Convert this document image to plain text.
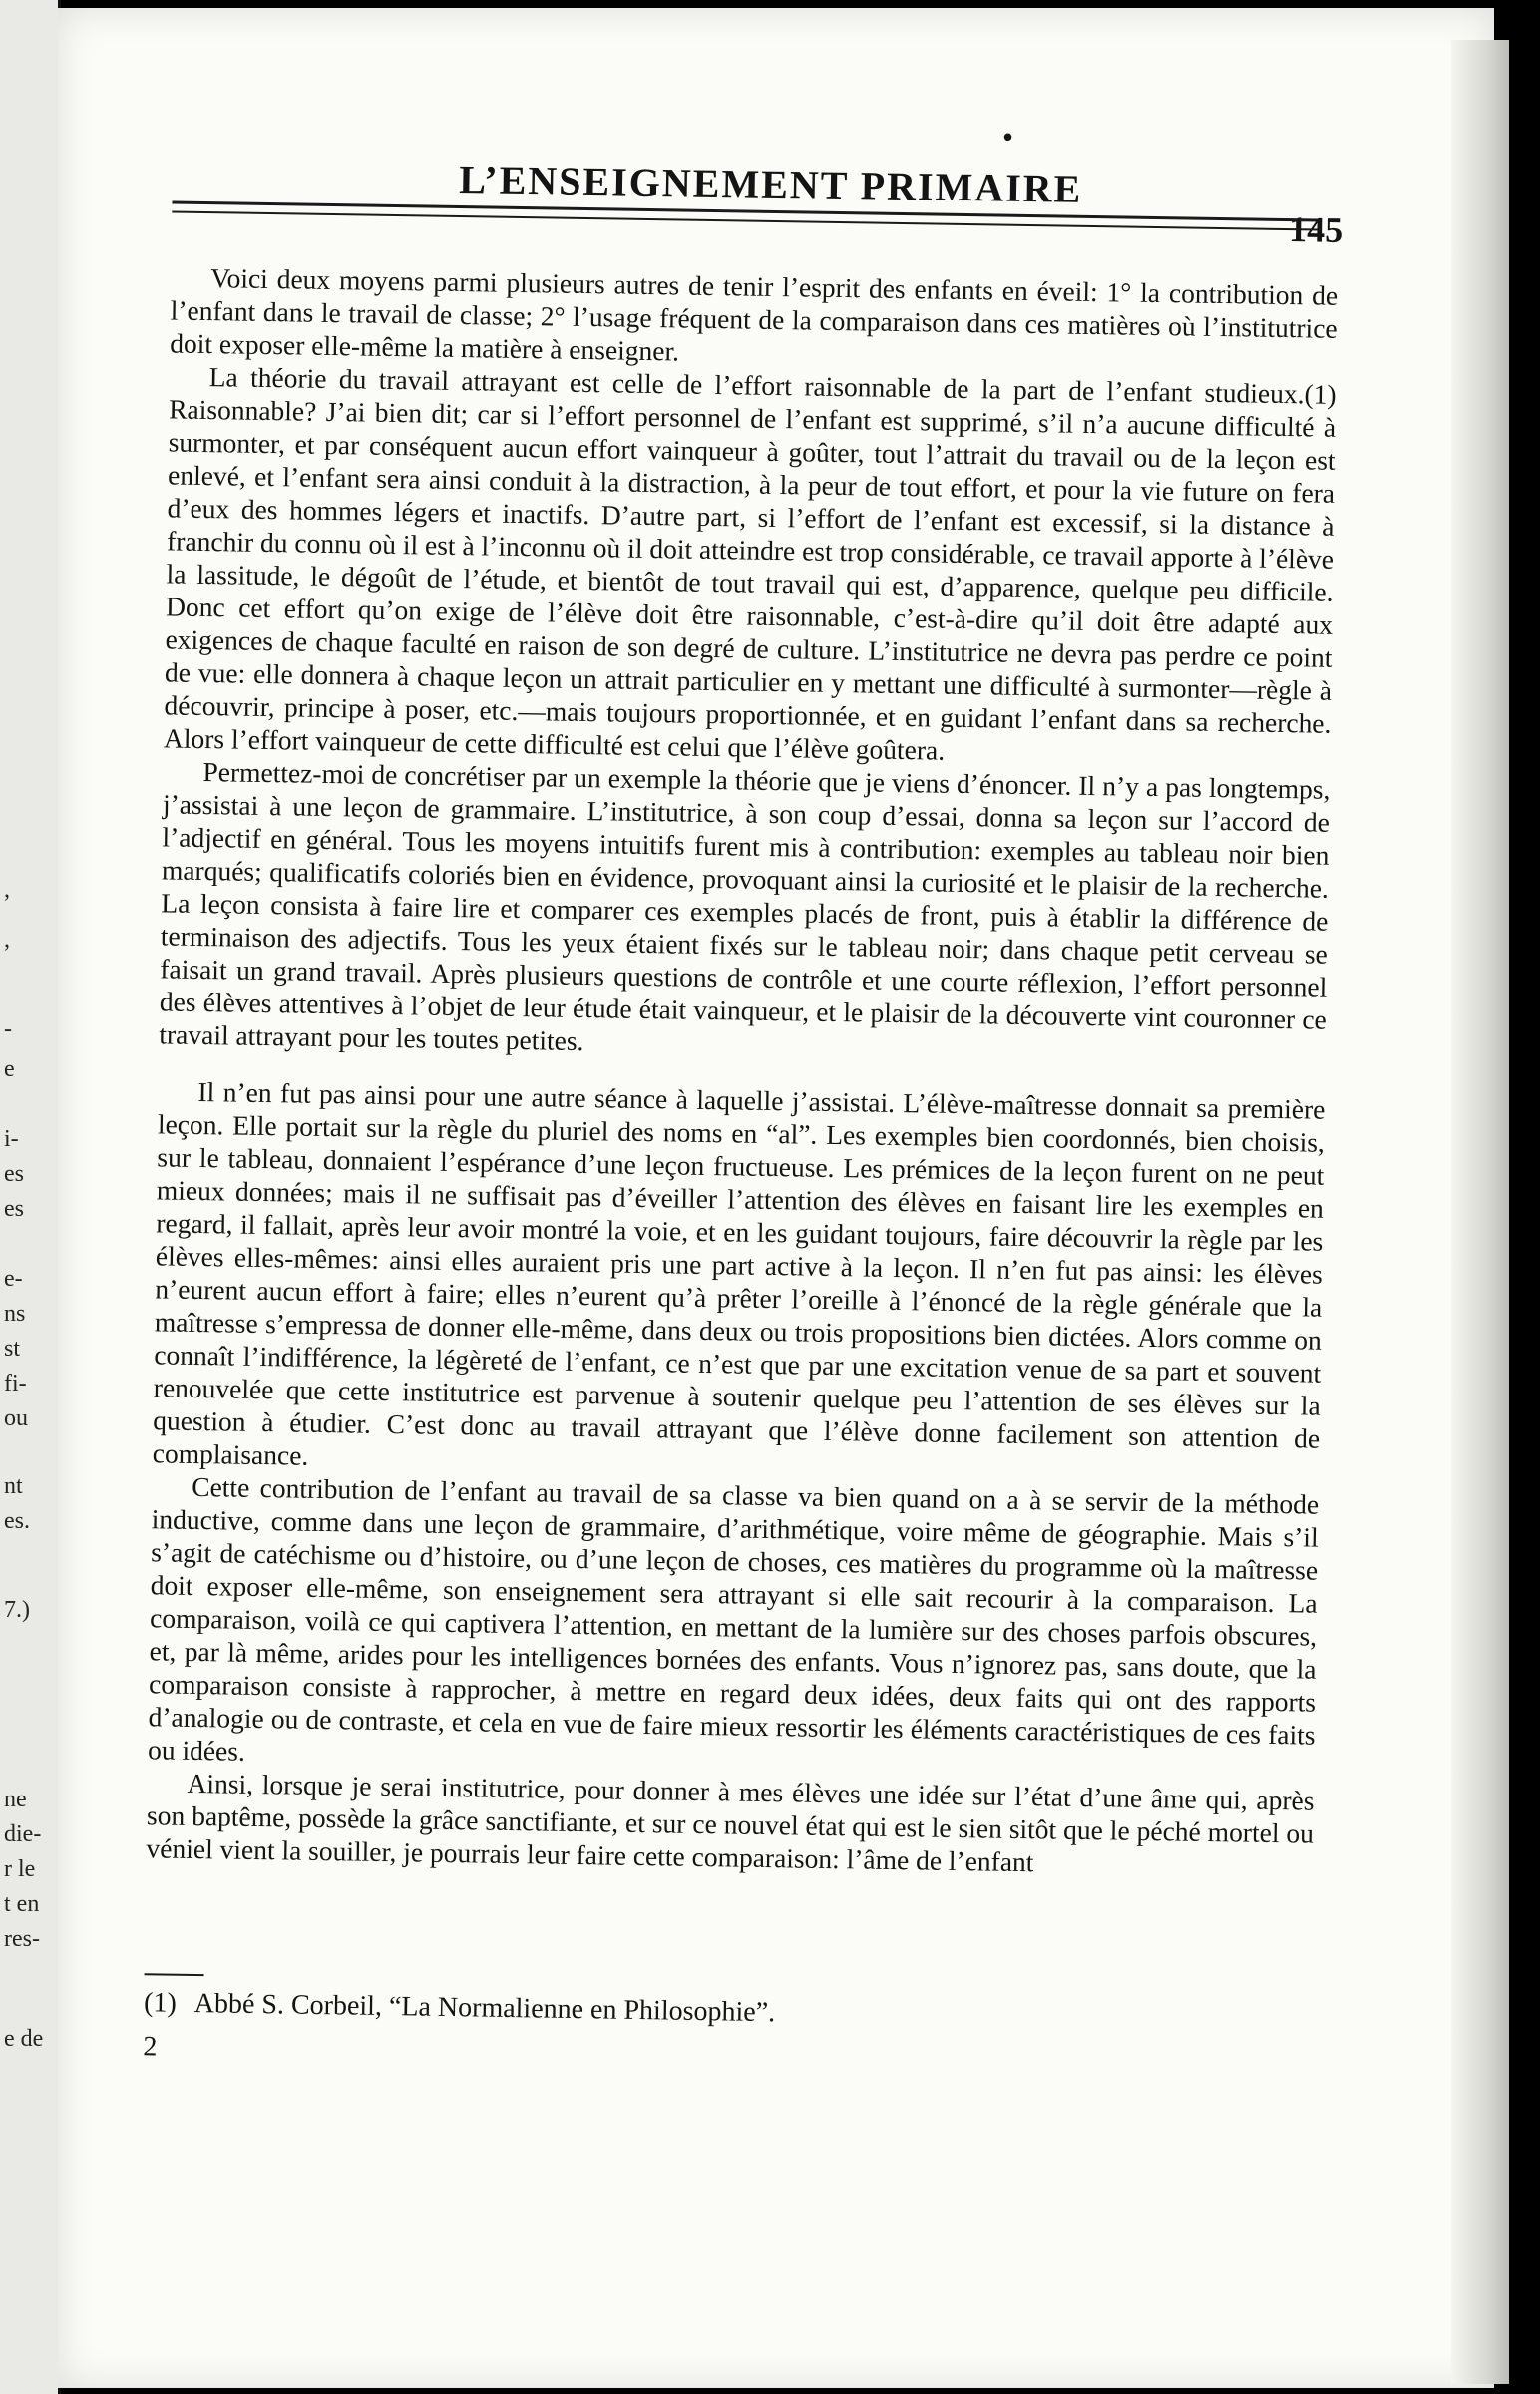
,
,
-
e
i-
es
es
e-
ns
st
fi-
ou
nt
es.
7.)
ne
die-
r le
t en
res-
e de
•
L’ENSEIGNEMENT PRIMAIRE
145

Voici deux moyens parmi plusieurs autres de tenir l’esprit des enfants en éveil: 1° la contribution de l’enfant dans le travail de classe; 2° l’usage fréquent de la comparaison dans ces matières où l’institutrice doit exposer elle-même la matière à enseigner.

La théorie du travail attrayant est celle de l’effort raisonnable de la part de l’enfant studieux.(1) Raisonnable? J’ai bien dit; car si l’effort personnel de l’enfant est supprimé, s’il n’a aucune difficulté à surmonter, et par conséquent aucun effort vainqueur à goûter, tout l’attrait du travail ou de la leçon est enlevé, et l’enfant sera ainsi conduit à la distraction, à la peur de tout effort, et pour la vie future on fera d’eux des hommes légers et inactifs. D’autre part, si l’effort de l’enfant est excessif, si la distance à franchir du connu où il est à l’inconnu où il doit atteindre est trop considérable, ce travail apporte à l’élève la lassitude, le dégoût de l’étude, et bientôt de tout travail qui est, d’apparence, quelque peu difficile. Donc cet effort qu’on exige de l’élève doit être raisonnable, c’est-à-dire qu’il doit être adapté aux exigences de chaque faculté en raison de son degré de culture. L’institutrice ne devra pas perdre ce point de vue: elle donnera à chaque leçon un attrait particulier en y mettant une difficulté à surmonter—règle à découvrir, principe à poser, etc.—mais toujours proportionnée, et en guidant l’enfant dans sa recherche. Alors l’effort vainqueur de cette difficulté est celui que l’élève goûtera.

Permettez-moi de concrétiser par un exemple la théorie que je viens d’énoncer. Il n’y a pas longtemps, j’assistai à une leçon de grammaire. L’institutrice, à son coup d’essai, donna sa leçon sur l’accord de l’adjectif en général. Tous les moyens intuitifs furent mis à contribution: exemples au tableau noir bien marqués; qualificatifs coloriés bien en évidence, provoquant ainsi la curiosité et le plaisir de la recherche. La leçon consista à faire lire et comparer ces exemples placés de front, puis à établir la différence de terminaison des adjectifs. Tous les yeux étaient fixés sur le tableau noir; dans chaque petit cerveau se faisait un grand travail. Après plusieurs questions de contrôle et une courte réflexion, l’effort personnel des élèves attentives à l’objet de leur étude était vainqueur, et le plaisir de la découverte vint couronner ce travail attrayant pour les toutes petites.

Il n’en fut pas ainsi pour une autre séance à laquelle j’assistai. L’élève-maîtresse donnait sa première leçon. Elle portait sur la règle du pluriel des noms en “al”. Les exemples bien coordonnés, bien choisis, sur le tableau, donnaient l’espérance d’une leçon fructueuse. Les prémices de la leçon furent on ne peut mieux données; mais il ne suffisait pas d’éveiller l’attention des élèves en faisant lire les exemples en regard, il fallait, après leur avoir montré la voie, et en les guidant toujours, faire découvrir la règle par les élèves elles-mêmes: ainsi elles auraient pris une part active à la leçon. Il n’en fut pas ainsi: les élèves n’eurent aucun effort à faire; elles n’eurent qu’à prêter l’oreille à l’énoncé de la règle générale que la maîtresse s’empressa de donner elle-même, dans deux ou trois propositions bien dictées. Alors comme on connaît l’indifférence, la légèreté de l’enfant, ce n’est que par une excitation venue de sa part et souvent renouvelée que cette institutrice est parvenue à soutenir quelque peu l’attention de ses élèves sur la question à étudier. C’est donc au travail attrayant que l’élève donne facilement son attention de complaisance.

Cette contribution de l’enfant au travail de sa classe va bien quand on a à se servir de la méthode inductive, comme dans une leçon de grammaire, d’arithmétique, voire même de géographie. Mais s’il s’agit de catéchisme ou d’histoire, ou d’une leçon de choses, ces matières du programme où la maîtresse doit exposer elle-même, son enseignement sera attrayant si elle sait recourir à la comparaison. La comparaison, voilà ce qui captivera l’attention, en mettant de la lumière sur des choses parfois obscures, et, par là même, arides pour les intelligences bornées des enfants. Vous n’ignorez pas, sans doute, que la comparaison consiste à rapprocher, à mettre en regard deux idées, deux faits qui ont des rapports d’analogie ou de contraste, et cela en vue de faire mieux ressortir les éléments caractéristiques de ces faits ou idées.

Ainsi, lorsque je serai institutrice, pour donner à mes élèves une idée sur l’état d’une âme qui, après son baptême, possède la grâce sanctifiante, et sur ce nouvel état qui est le sien sitôt que le péché mortel ou véniel vient la souiller, je pourrais leur faire cette comparaison: l’âme de l’enfant

(1) Abbé S. Corbeil, “La Normalienne en Philosophie”.
2
